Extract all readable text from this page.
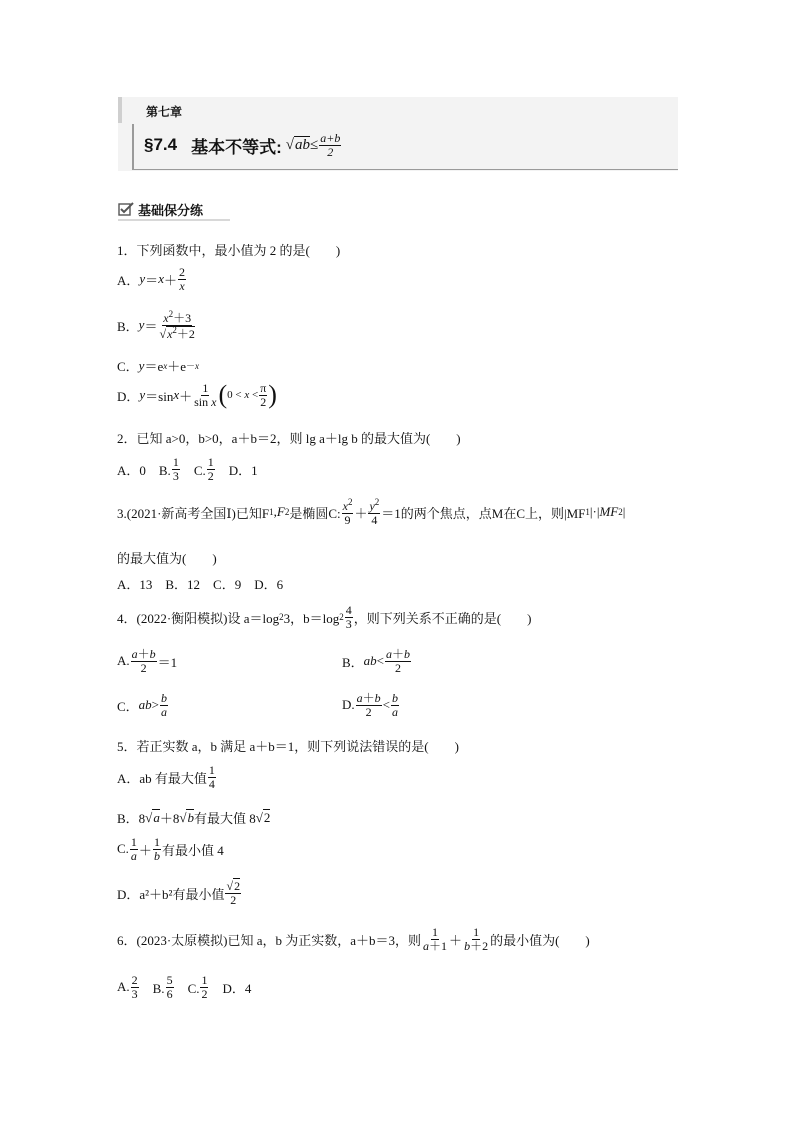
第七章
§7.4 基本不等式: √ ab ≤ $\frac{a+b}{2}$
基础保分练
1．下列函数中，最小值为 2 的是(　　)
A． $y = x + \frac{2}{x}$
B． $y = \frac{x^2+3}{√x^2+2}$
C． y ＝e x ＋e －x
D． y ＝sin $x + \frac{1}{\text{sin x}}$ ( $0 < x < \frac{\pi}{2}$ )
2．已知 a>0，b>0，a＋b＝2，则 lg a＋lg b 的最大值为(　　)
A．0　B. $\frac{1}{3}$ 　C. $\frac{1}{2}$ 　D．1
3.(2021·新高考全国Ⅰ)已知F 1 , F 2 是椭圆C: $\frac{x^2}{9} + \frac{y^2}{4} =1$的两个焦点，点M在C上，则|MF 1 |·| MF 2 |
的最大值为(　　)
A．13　B．12　C．9　D．6
4．(2022·衡阳模拟)设 a＝log 2 3，b＝log $2 \frac{4}{3}$ ，则下列关系不正确的是(　　)
A. $\frac{a+b}{2} =1$	B． ab < $\frac{a+b}{2}$
C． ab > $\frac{b}{a}$	D. $\frac{a+b}{2} < \frac{b}{a}$
5．若正实数 a，b 满足 a＋b＝1，则下列说法错误的是(　　)
A．ab 有最大值 $\frac{1}{4}$
B．8 √ a ＋8 √ b 有最大值 8 √ 2
C. $\frac{1}{a} + \frac{1}{b}$ 有最小值 4
D．a²＋b²有最小值 $\frac{√2}{2}$
6．(2023·太原模拟)已知 a，b 为正实数，a＋b＝3，则 $\frac{1}{a+1} + \frac{1}{b+2}$ 的最小值为(　　)
A. $\frac{2}{3}$ 　B. $\frac{5}{6}$ 　C. $\frac{1}{2}$ 　D．4
